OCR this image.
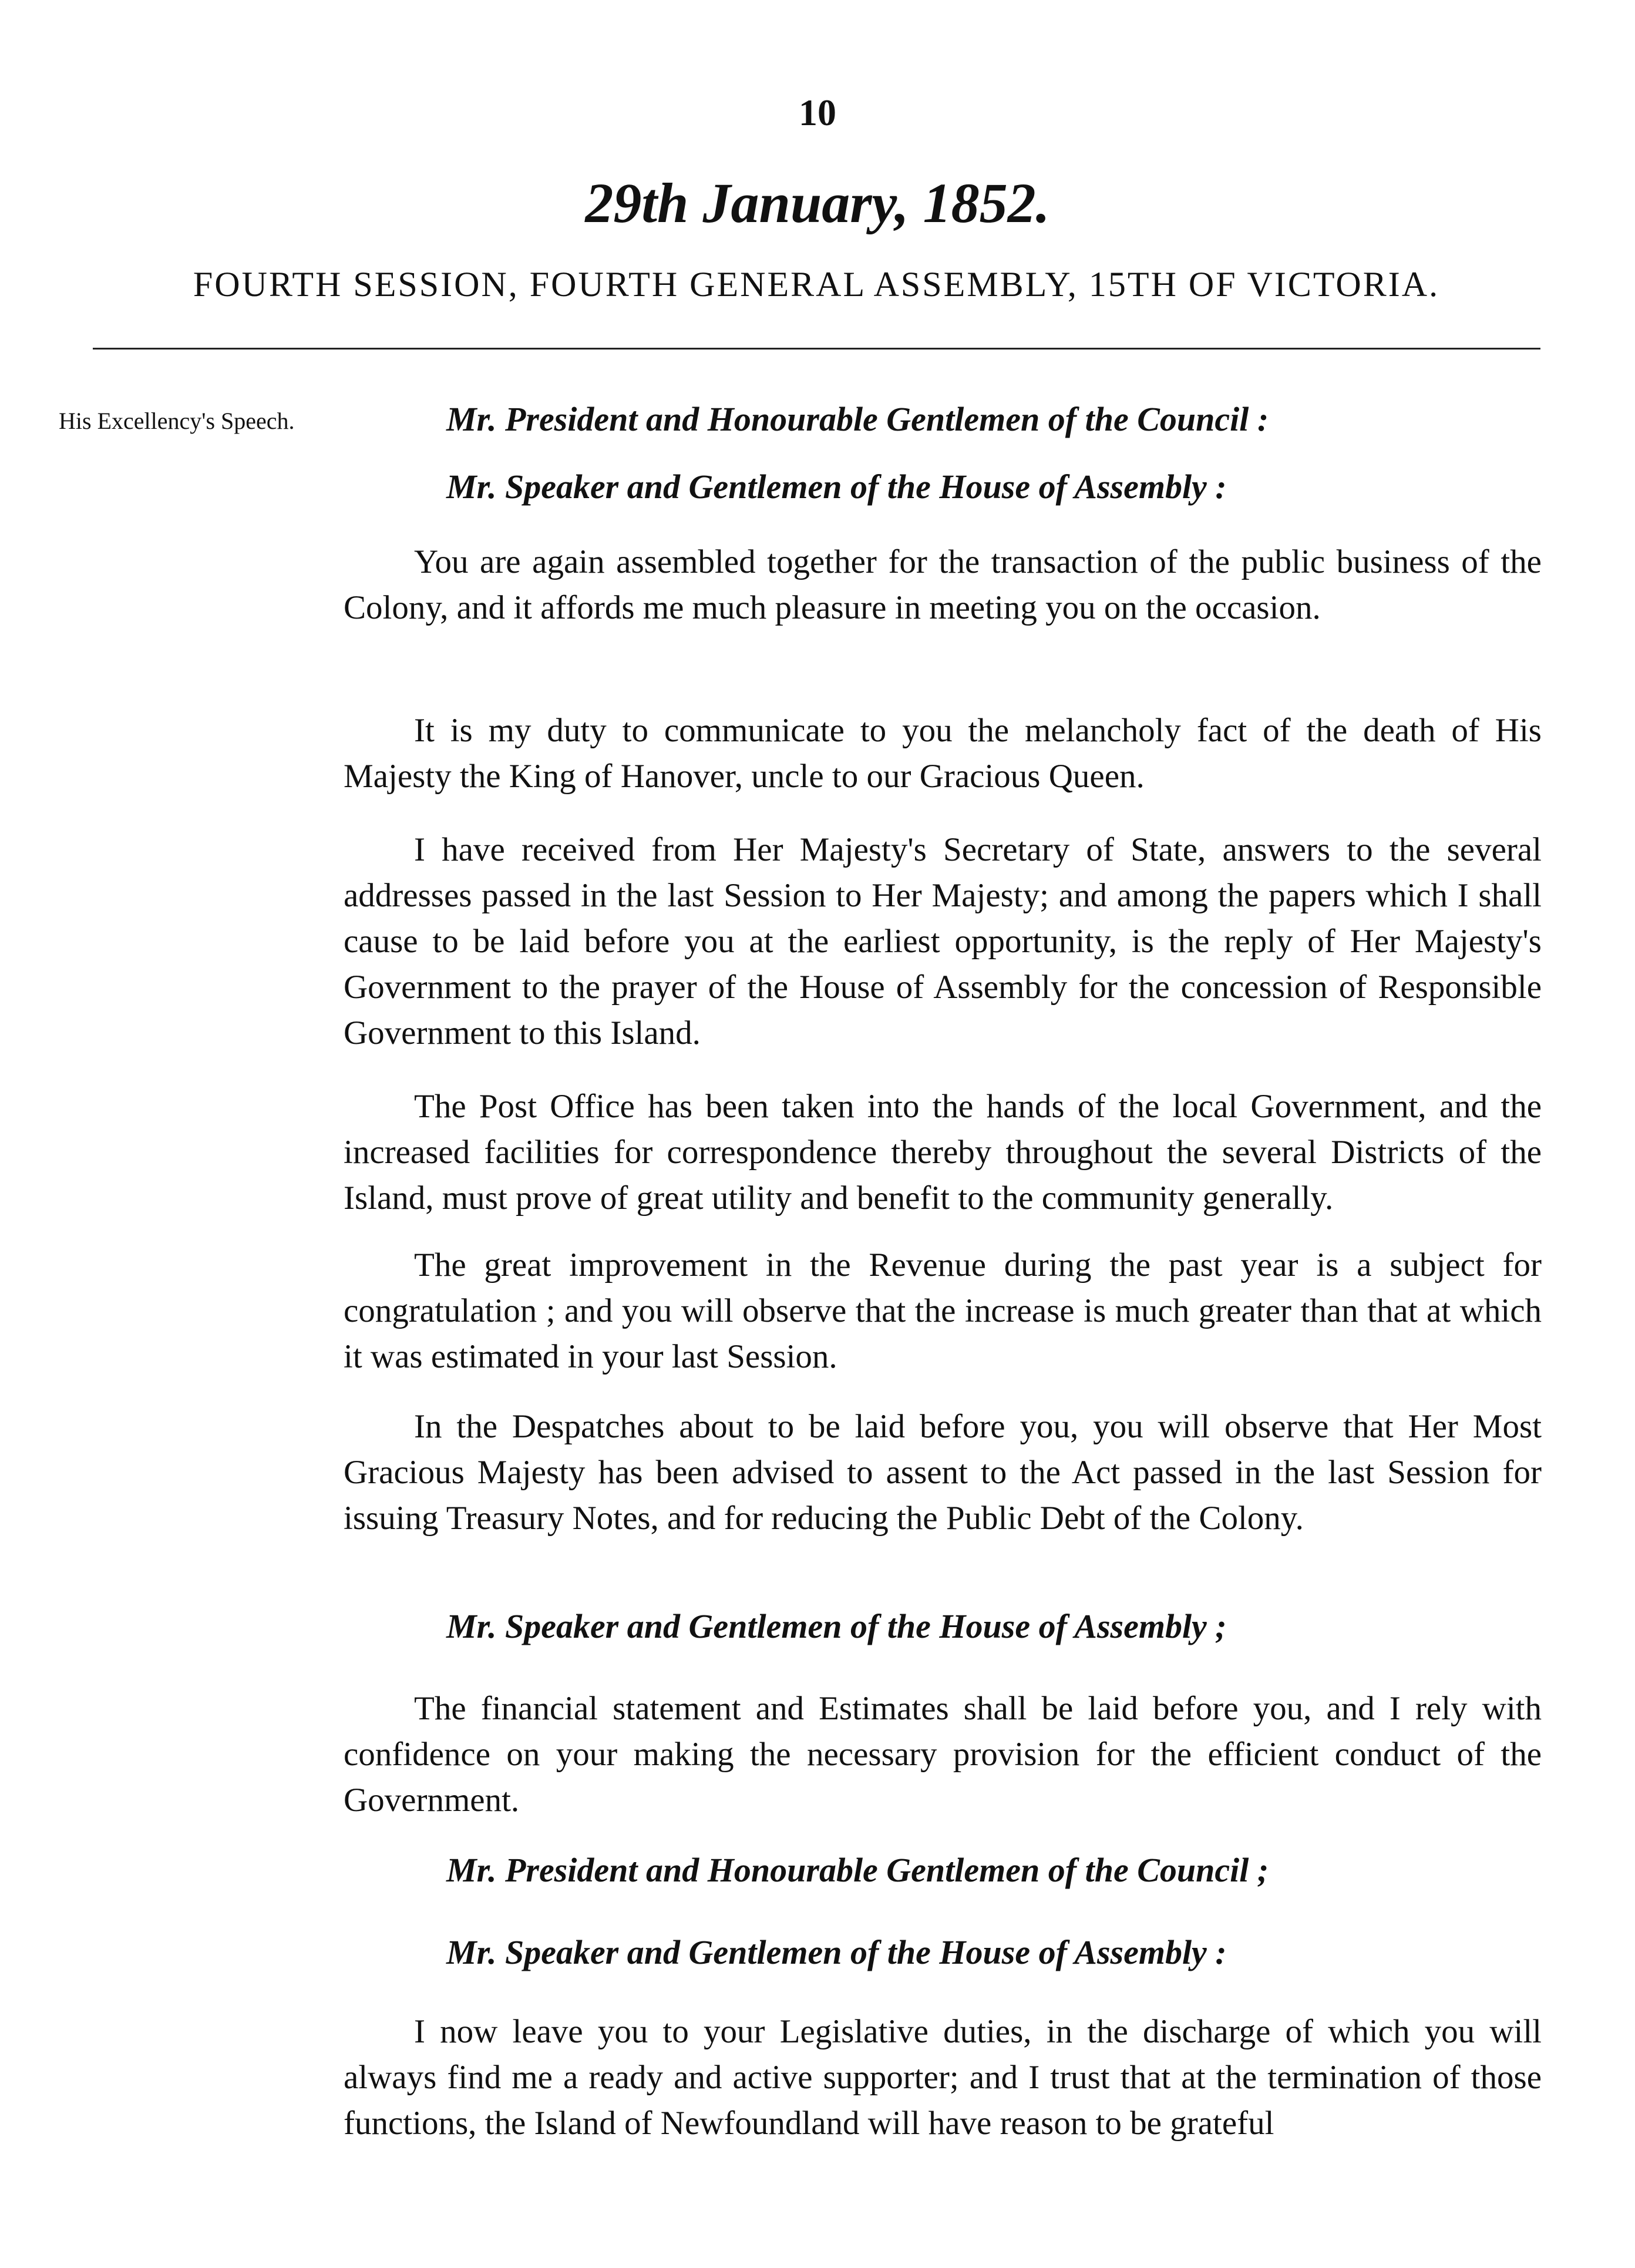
10
29th January, 1852.
FOURTH SESSION, FOURTH GENERAL ASSEMBLY, 15TH OF VICTORIA.
His Excellency's Speech.	Mr. President and Honourable Gentlemen of the Council :
Mr. Speaker and Gentlemen of the House of Assembly :
You are again assembled together for the transaction of the public business of the Colony, and it affords me much pleasure in meeting you on the occasion.
It is my duty to communicate to you the melancholy fact of the death of His Majesty the King of Hanover, uncle to our Gracious Queen.
I have received from Her Majesty's Secretary of State, answers to the several addresses passed in the last Session to Her Majesty; and among the papers which I shall cause to be laid before you at the earliest opportunity, is the reply of Her Majesty's Government to the prayer of the House of Assembly for the concession of Responsible Government to this Island.
The Post Office has been taken into the hands of the local Government, and the increased facilities for correspondence thereby throughout the several Districts of the Island, must prove of great utility and benefit to the community generally.
The great improvement in the Revenue during the past year is a subject for congratulation ; and you will observe that the increase is much greater than that at which it was estimated in your last Session.
In the Despatches about to be laid before you, you will observe that Her Most Gracious Majesty has been advised to assent to the Act passed in the last Session for issuing Treasury Notes, and for reducing the Public Debt of the Colony.
Mr. Speaker and Gentlemen of the House of Assembly ;
The financial statement and Estimates shall be laid before you, and I rely with confidence on your making the necessary provision for the efficient conduct of the Government.
Mr. President and Honourable Gentlemen of the Council ;
Mr. Speaker and Gentlemen of the House of Assembly :
I now leave you to your Legislative duties, in the discharge of which you will always find me a ready and active supporter; and I trust that at the termination of those functions, the Island of Newfoundland will have reason to be grateful
